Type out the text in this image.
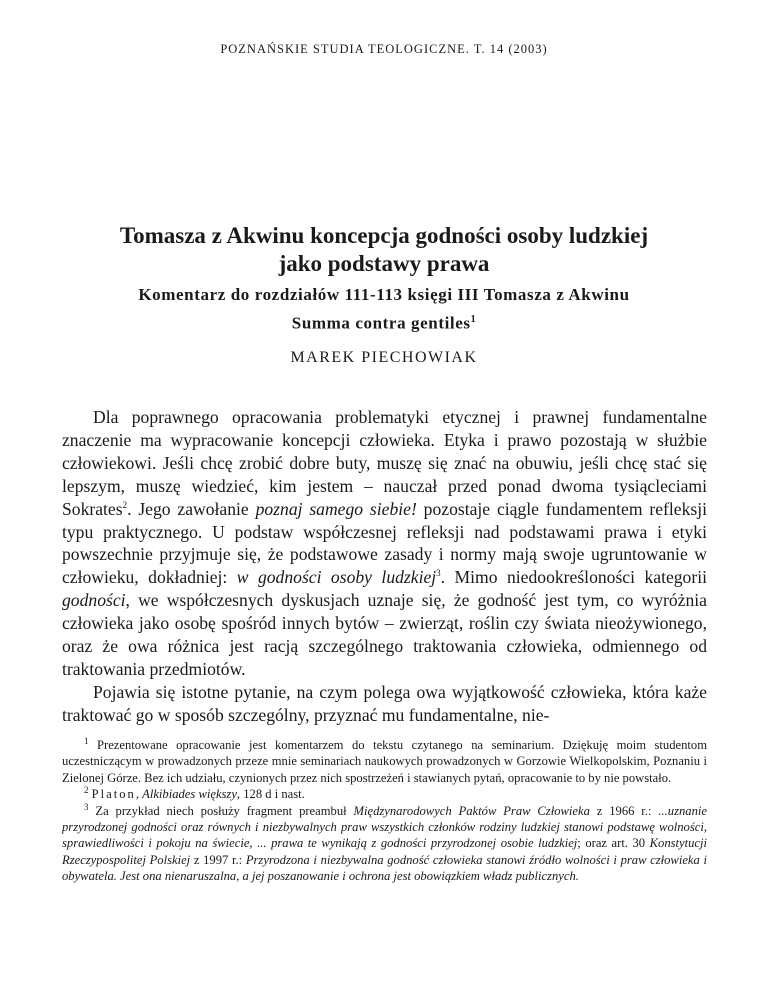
POZNAŃSKIE STUDIA TEOLOGICZNE. T. 14 (2003)
Tomasza z Akwinu koncepcja godności osoby ludzkiej
jako podstawy prawa
Komentarz do rozdziałów 111-113 księgi III Tomasza z Akwinu
Summa contra gentiles$^1$
MAREK PIECHOWIAK

Dla poprawnego opracowania problematyki etycznej i prawnej fundamentalne znaczenie ma wypracowanie koncepcji człowieka. Etyka i prawo pozostają w służbie człowiekowi. Jeśli chcę zrobić dobre buty, muszę się znać na obuwiu, jeśli chcę stać się lepszym, muszę wiedzieć, kim jestem – nauczał przed ponad dwoma tysiącleciami Sokrates$^2$. Jego zawołanie poznaj samego siebie! pozostaje ciągle fundamentem refleksji typu praktycznego. U podstaw współczesnej refleksji nad podstawami prawa i etyki powszechnie przyjmuje się, że podstawowe zasady i normy mają swoje ugruntowanie w człowieku, dokładniej: w godności osoby ludzkiej$^3$. Mimo niedookreśloności kategorii godności, we współczesnych dyskusjach uznaje się, że godność jest tym, co wyróżnia człowieka jako osobę spośród innych bytów – zwierząt, roślin czy świata nieożywionego, oraz że owa różnica jest racją szczególnego traktowania człowieka, odmiennego od traktowania przedmiotów.

Pojawia się istotne pytanie, na czym polega owa wyjątkowość człowieka, która każe traktować go w sposób szczególny, przyznać mu fundamentalne, nie-

$^1$ Prezentowane opracowanie jest komentarzem do tekstu czytanego na seminarium. Dziękuję moim studentom uczestniczącym w prowadzonych przeze mnie seminariach naukowych prowadzonych w Gorzowie Wielkopolskim, Poznaniu i Zielonej Górze. Bez ich udziału, czynionych przez nich spostrzeżeń i stawianych pytań, opracowanie to by nie powstało.

$^2$ Platon, Alkibiades większy, 128 d i nast.

$^3$ Za przykład niech posłuży fragment preambuł Międzynarodowych Paktów Praw Człowieka z 1966 r.: ...uznanie przyrodzonej godności oraz równych i niezbywalnych praw wszystkich członków rodziny ludzkiej stanowi podstawę wolności, sprawiedliwości i pokoju na świecie, ... prawa te wynikają z godności przyrodzonej osobie ludzkiej; oraz art. 30 Konstytucji Rzeczypospolitej Polskiej z 1997 r.: Przyrodzona i niezbywalna godność człowieka stanowi źródło wolności i praw człowieka i obywatela. Jest ona nienaruszalna, a jej poszanowanie i ochrona jest obowiązkiem władz publicznych.
